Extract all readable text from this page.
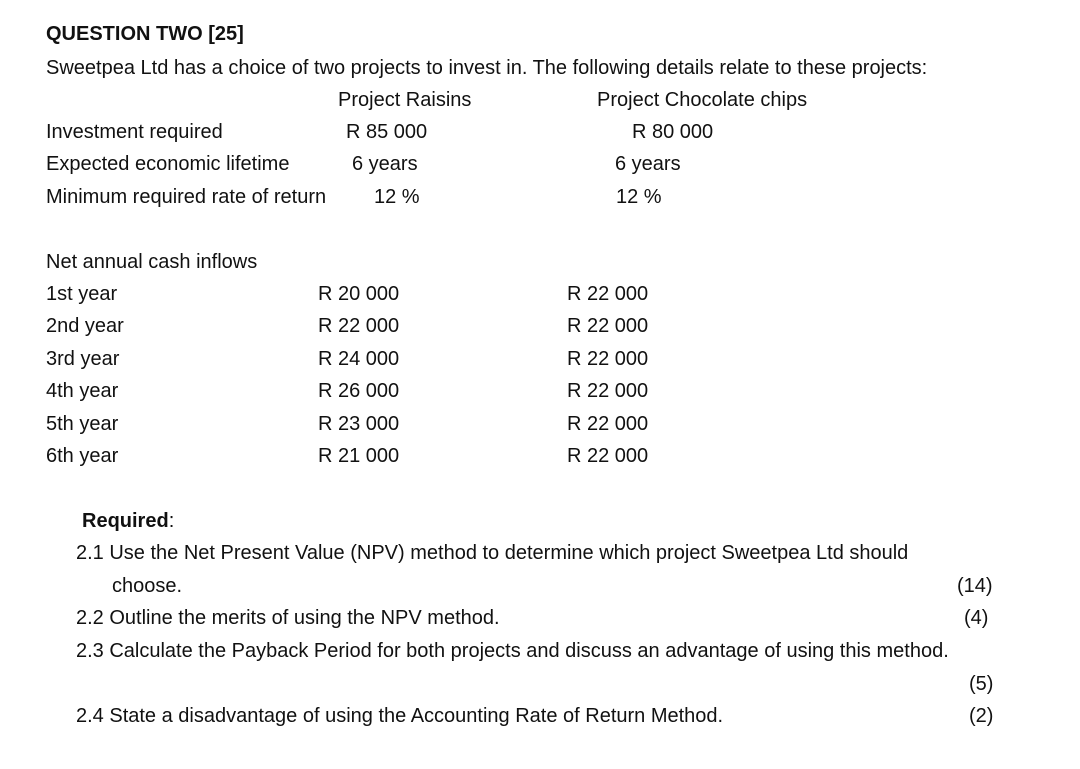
QUESTION TWO [25]
Sweetpea Ltd has a choice of two projects to invest in. The following details relate to these projects:
Project Raisins	Project Chocolate chips
Investment required	R 85 000	R 80 000
Expected economic lifetime	6 years	6 years
Minimum required rate of return 12 %	12 %
Net annual cash inflows
1st year	R 20 000	R 22 000
2nd year	R 22 000	R 22 000
3rd year	R 24 000	R 22 000
4th year	R 26 000	R 22 000
5th year	R 23 000	R 22 000
6th year	R 21 000	R 22 000
Required:
2.1 Use the Net Present Value (NPV) method to determine which project Sweetpea Ltd should
choose.	(14)
2.2 Outline the merits of using the NPV method.	(4)
2.3 Calculate the Payback Period for both projects and discuss an advantage of using this method.
(5)
2.4 State a disadvantage of using the Accounting Rate of Return Method.	(2)
